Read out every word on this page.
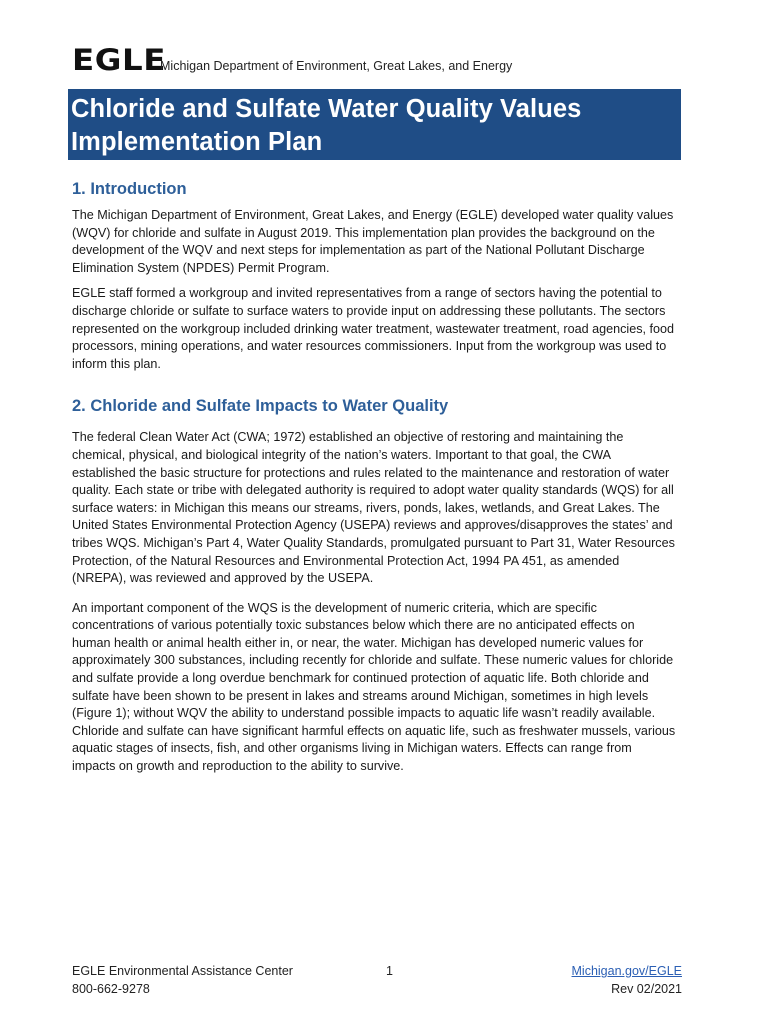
EGLE
Michigan Department of Environment, Great Lakes, and Energy
Chloride and Sulfate Water Quality Values
Implementation Plan
1. Introduction

The Michigan Department of Environment, Great Lakes, and Energy (EGLE) developed water quality values (WQV) for chloride and sulfate in August 2019. This implementation plan provides the background on the development of the WQV and next steps for implementation as part of the National Pollutant Discharge Elimination System (NPDES) Permit Program.

EGLE staff formed a workgroup and invited representatives from a range of sectors having the potential to discharge chloride or sulfate to surface waters to provide input on addressing these pollutants. The sectors represented on the workgroup included drinking water treatment, wastewater treatment, road agencies, food processors, mining operations, and water resources commissioners. Input from the workgroup was used to inform this plan.

2. Chloride and Sulfate Impacts to Water Quality

The federal Clean Water Act (CWA; 1972) established an objective of restoring and maintaining the chemical, physical, and biological integrity of the nation’s waters. Important to that goal, the CWA established the basic structure for protections and rules related to the maintenance and restoration of water quality. Each state or tribe with delegated authority is required to adopt water quality standards (WQS) for all surface waters: in Michigan this means our streams, rivers, ponds, lakes, wetlands, and Great Lakes. The United States Environmental Protection Agency (USEPA) reviews and approves/disapproves the states’ and tribes WQS. Michigan’s Part 4, Water Quality Standards, promulgated pursuant to Part 31, Water Resources Protection, of the Natural Resources and Environmental Protection Act, 1994 PA 451, as amended (NREPA), was reviewed and approved by the USEPA.

An important component of the WQS is the development of numeric criteria, which are specific concentrations of various potentially toxic substances below which there are no anticipated effects on human health or animal health either in, or near, the water. Michigan has developed numeric values for approximately 300 substances, including recently for chloride and sulfate. These numeric values for chloride and sulfate provide a long overdue benchmark for continued protection of aquatic life. Both chloride and sulfate have been shown to be present in lakes and streams around Michigan, sometimes in high levels (Figure 1); without WQV the ability to understand possible impacts to aquatic life wasn’t readily available. Chloride and sulfate can have significant harmful effects on aquatic life, such as freshwater mussels, various aquatic stages of insects, fish, and other organisms living in Michigan waters. Effects can range from impacts on growth and reproduction to the ability to survive.

EGLE Environmental Assistance Center
800-662-9278
1	Michigan.gov/EGLE
Rev 02/2021
